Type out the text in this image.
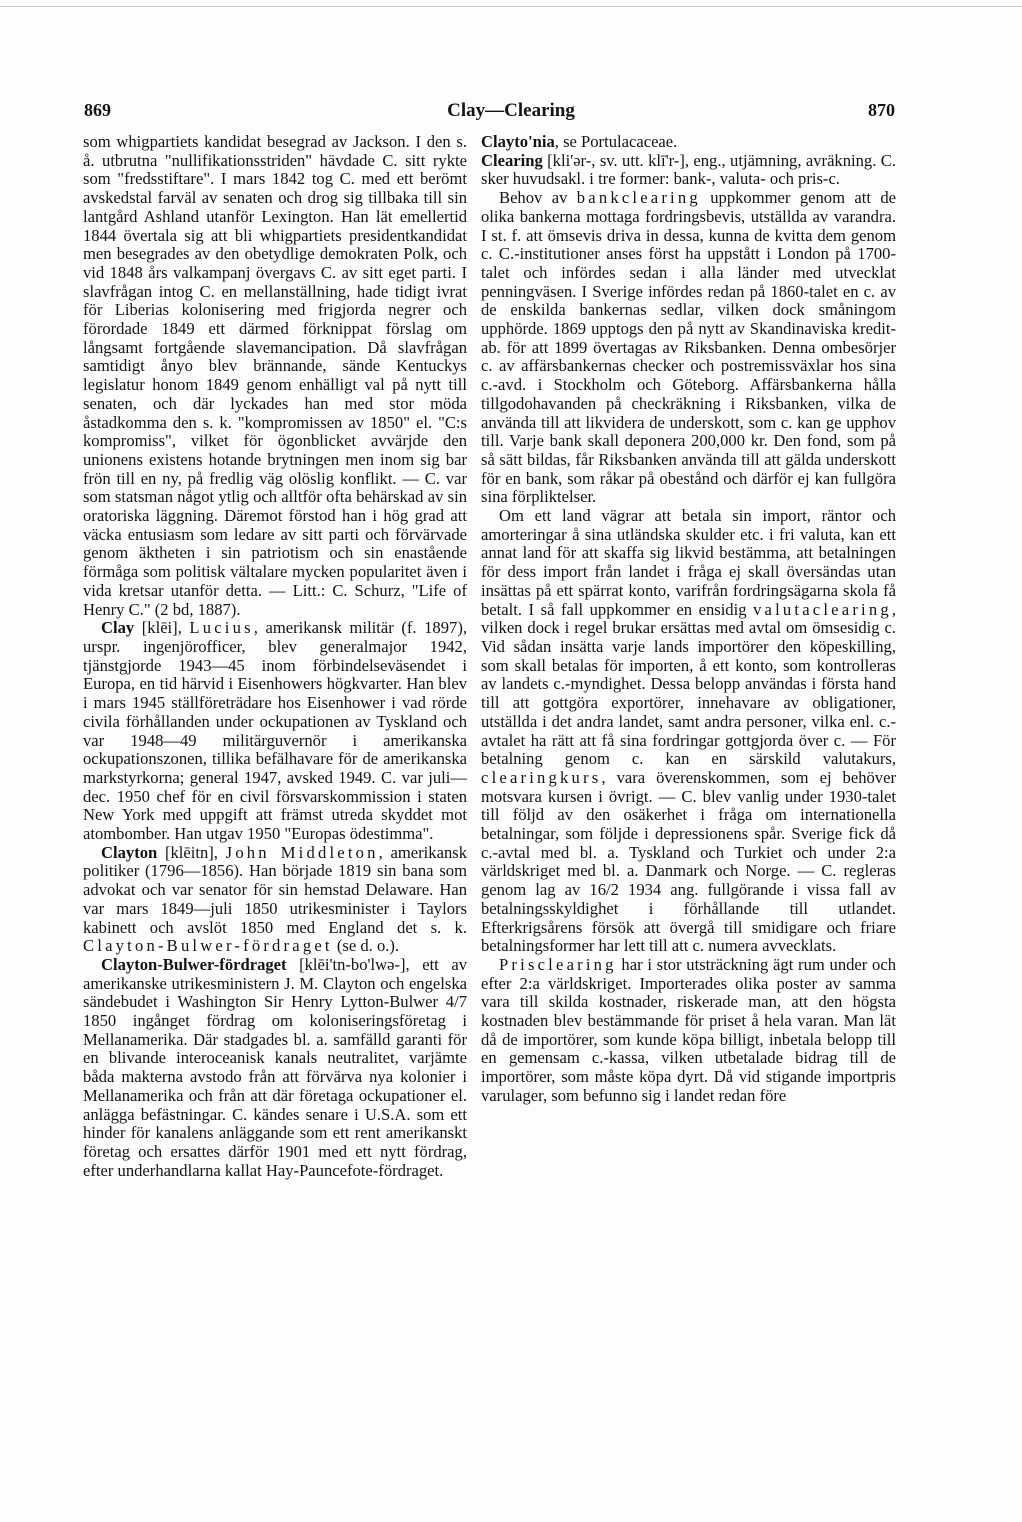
869	Clay—Clearing	870

som whigpartiets kandidat besegrad av Jackson. I den s. å. utbrutna "nullifikationsstriden" hävdade C. sitt rykte som "fredsstiftare". I mars 1842 tog C. med ett berömt avskedstal farväl av senaten och drog sig tillbaka till sin lantgård Ashland utanför Lexington. Han lät emellertid 1844 övertala sig att bli whigpartiets presidentkandidat men besegrades av den obetydlige demokraten Polk, och vid 1848 års valkampanj övergavs C. av sitt eget parti. I slavfrågan intog C. en mellanställning, hade tidigt ivrat för Liberias kolonisering med frigjorda negrer och förordade 1849 ett därmed förknippat förslag om långsamt fortgående slavemancipation. Då slavfrågan samtidigt ånyo blev brännande, sände Kentuckys legislatur honom 1849 genom enhälligt val på nytt till senaten, och där lyckades han med stor möda åstadkomma den s. k. "kompromissen av 1850" el. "C:s kompromiss", vilket för ögonblicket avvärjde den unionens existens hotande brytningen men inom sig bar frön till en ny, på fredlig väg olöslig konflikt. — C. var som statsman något ytlig och alltför ofta behärskad av sin oratoriska läggning. Däremot förstod han i hög grad att väcka entusiasm som ledare av sitt parti och förvärvade genom äktheten i sin patriotism och sin enastående förmåga som politisk vältalare mycken popularitet även i vida kretsar utanför detta. — Litt.: C. Schurz, "Life of Henry C." (2 bd, 1887).

Clay [klēi], Lucius, amerikansk militär (f. 1897), urspr. ingenjörofficer, blev generalmajor 1942, tjänstgjorde 1943—45 inom förbindelseväsendet i Europa, en tid härvid i Eisenhowers högkvarter. Han blev i mars 1945 ställföreträdare hos Eisenhower i vad rörde civila förhållanden under ockupationen av Tyskland och var 1948—49 militärguvernör i amerikanska ockupationszonen, tillika befälhavare för de amerikanska markstyrkorna; general 1947, avsked 1949. C. var juli—dec. 1950 chef för en civil försvarskommission i staten New York med uppgift att främst utreda skyddet mot atombomber. Han utgav 1950 "Europas ödestimma".

Clayton [klēitn], John Middleton, amerikansk politiker (1796—1856). Han började 1819 sin bana som advokat och var senator för sin hemstad Delaware. Han var mars 1849—juli 1850 utrikesminister i Taylors kabinett och avslöt 1850 med England det s. k. Clayton-Bulwer-fördraget (se d. o.).

Clayton-Bulwer-fördraget [klēi'tn-bo'lwə-], ett av amerikanske utrikesministern J. M. Clayton och engelska sändebudet i Washington Sir Henry Lytton-Bulwer 4/7 1850 ingånget fördrag om koloniseringsföretag i Mellanamerika. Där stadgades bl. a. samfälld garanti för en blivande interoceanisk kanals neutralitet, varjämte båda makterna avstodo från att förvärva nya kolonier i Mellanamerika och från att där företaga ockupationer el. anlägga befästningar. C. kändes senare i U.S.A. som ett hinder för kanalens anläggande som ett rent amerikanskt företag och ersattes därför 1901 med ett nytt fördrag, efter underhandlarna kallat Hay-Pauncefote-fördraget.

Clayto'nia, se Portulacaceae.

Clearing [kli'ər-, sv. utt. klī'r-], eng., utjämning, avräkning. C. sker huvudsakl. i tre former: bank-, valuta- och pris-c.

Behov av bankclearing uppkommer genom att de olika bankerna mottaga fordringsbevis, utställda av varandra. I st. f. att ömsevis driva in dessa, kunna de kvitta dem genom c. C.-institutioner anses först ha uppstått i London på 1700-talet och infördes sedan i alla länder med utvecklat penningväsen. I Sverige infördes redan på 1860-talet en c. av de enskilda bankernas sedlar, vilken dock småningom upphörde. 1869 upptogs den på nytt av Skandinaviska kredit-ab. för att 1899 övertagas av Riksbanken. Denna ombesörjer c. av affärsbankernas checker och postremissväxlar hos sina c.-avd. i Stockholm och Göteborg. Affärsbankerna hålla tillgodohavanden på checkräkning i Riksbanken, vilka de använda till att likvidera de underskott, som c. kan ge upphov till. Varje bank skall deponera 200,000 kr. Den fond, som på så sätt bildas, får Riksbanken använda till att gälda underskott för en bank, som råkar på obestånd och därför ej kan fullgöra sina förpliktelser.

Om ett land vägrar att betala sin import, räntor och amorteringar å sina utländska skulder etc. i fri valuta, kan ett annat land för att skaffa sig likvid bestämma, att betalningen för dess import från landet i fråga ej skall översändas utan insättas på ett spärrat konto, varifrån fordringsägarna skola få betalt. I så fall uppkommer en ensidig valutaclearing, vilken dock i regel brukar ersättas med avtal om ömsesidig c. Vid sådan insätta varje lands importörer den köpeskilling, som skall betalas för importen, å ett konto, som kontrolleras av landets c.-myndighet. Dessa belopp användas i första hand till att gottgöra exportörer, innehavare av obligationer, utställda i det andra landet, samt andra personer, vilka enl. c.-avtalet ha rätt att få sina fordringar gottgjorda över c. — För betalning genom c. kan en särskild valutakurs, clearingkurs, vara överenskommen, som ej behöver motsvara kursen i övrigt. — C. blev vanlig under 1930-talet till följd av den osäkerhet i fråga om internationella betalningar, som följde i depressionens spår. Sverige fick då c.-avtal med bl. a. Tyskland och Turkiet och under 2:a världskriget med bl. a. Danmark och Norge. — C. regleras genom lag av 16/2 1934 ang. fullgörande i vissa fall av betalningsskyldighet i förhållande till utlandet. Efterkrigsårens försök att övergå till smidigare och friare betalningsformer har lett till att c. numera avvecklats.

Prisclearing har i stor utsträckning ägt rum under och efter 2:a världskriget. Importerades olika poster av samma vara till skilda kostnader, riskerade man, att den högsta kostnaden blev bestämmande för priset å hela varan. Man lät då de importörer, som kunde köpa billigt, inbetala belopp till en gemensam c.-kassa, vilken utbetalade bidrag till de importörer, som måste köpa dyrt. Då vid stigande importpris varulager, som befunno sig i landet redan före
